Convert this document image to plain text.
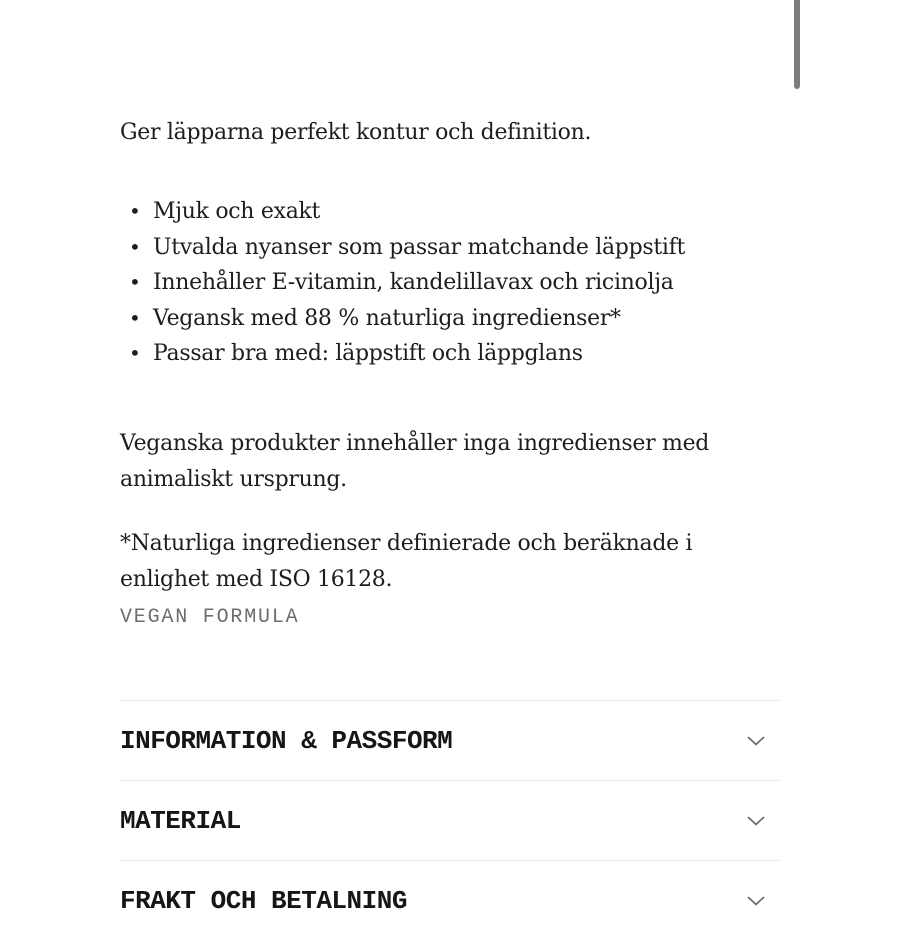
Ger läpparna perfekt kontur och definition.

• Mjuk och exakt
• Utvalda nyanser som passar matchande läppstift
• Innehåller E-vitamin, kandelillavax och ricinolja
• Vegansk med 88 % naturliga ingredienser*
• Passar bra med: läppstift och läppglans

Veganska produkter innehåller inga ingredienser med animaliskt ursprung.

*Naturliga ingredienser definierade och beräknade i enlighet med ISO 16128.

VEGAN FORMULA
INFORMATION & PASSFORM
MATERIAL
FRAKT OCH BETALNING
